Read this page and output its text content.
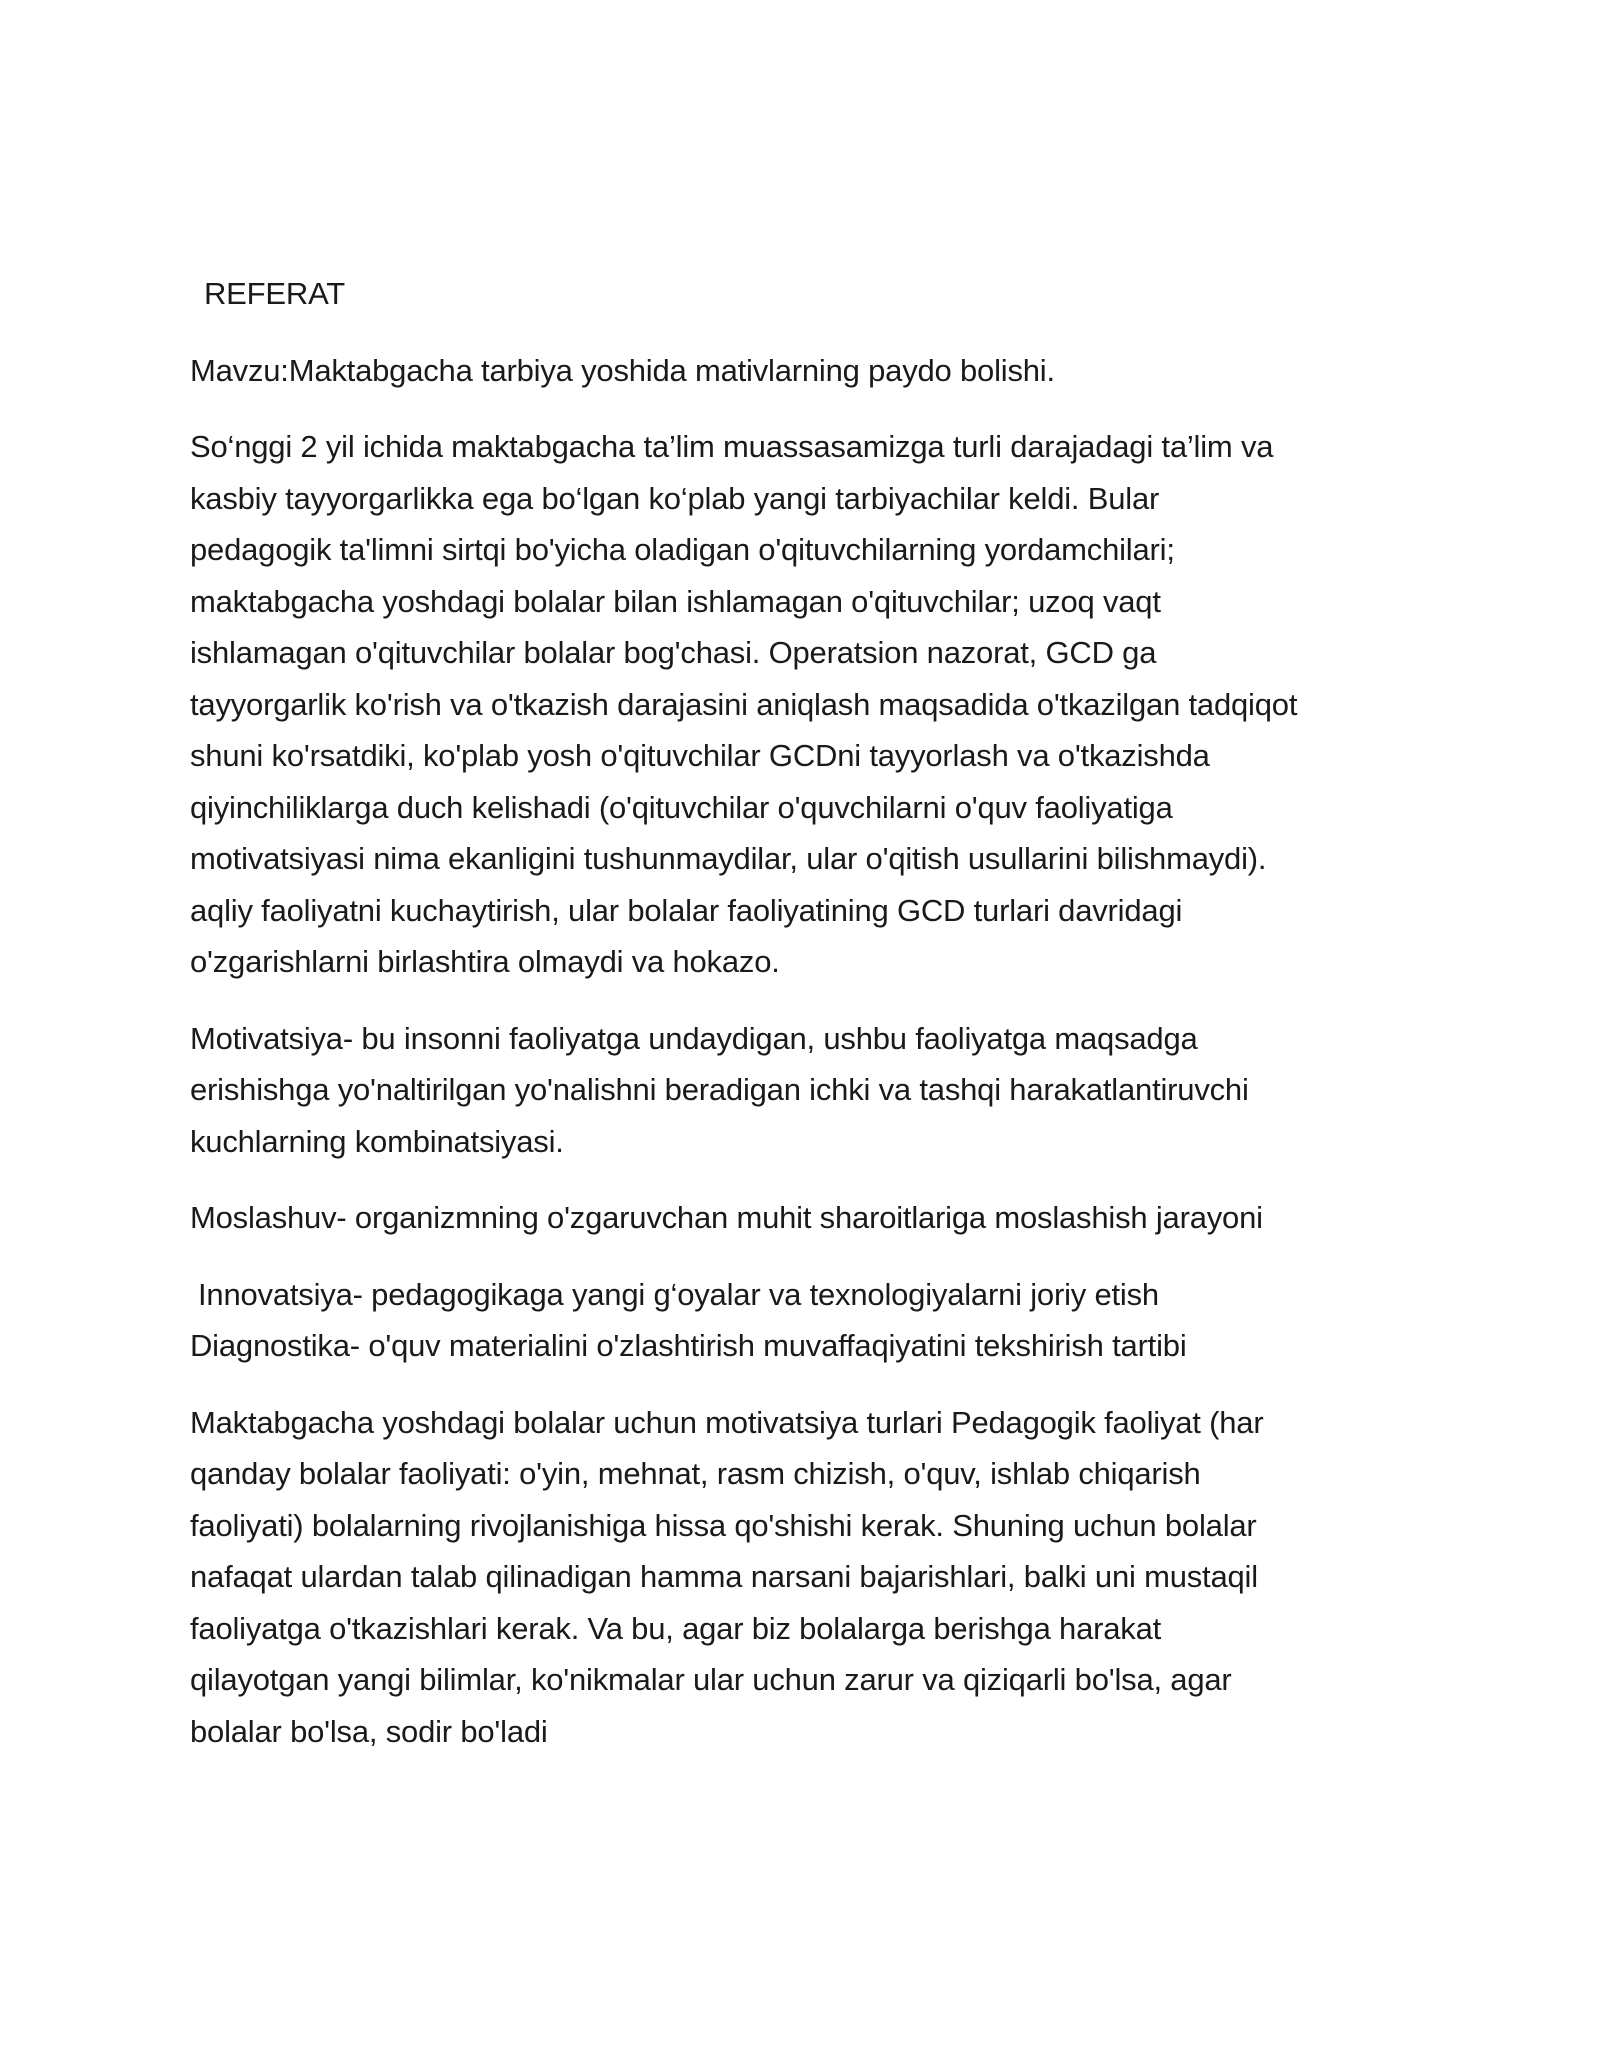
REFERAT

Mavzu:Maktabgacha tarbiya yoshida mativlarning paydo bolishi.

So‘nggi 2 yil ichida maktabgacha ta’lim muassasamizga turli darajadagi ta’lim va
kasbiy tayyorgarlikka ega bo‘lgan ko‘plab yangi tarbiyachilar keldi. Bular
pedagogik ta'limni sirtqi bo'yicha oladigan o'qituvchilarning yordamchilari;
maktabgacha yoshdagi bolalar bilan ishlamagan o'qituvchilar; uzoq vaqt
ishlamagan o'qituvchilar bolalar bog'chasi. Operatsion nazorat, GCD ga
tayyorgarlik ko'rish va o'tkazish darajasini aniqlash maqsadida o'tkazilgan tadqiqot
shuni ko'rsatdiki, ko'plab yosh o'qituvchilar GCDni tayyorlash va o'tkazishda
qiyinchiliklarga duch kelishadi (o'qituvchilar o'quvchilarni o'quv faoliyatiga
motivatsiyasi nima ekanligini tushunmaydilar, ular o'qitish usullarini bilishmaydi).
aqliy faoliyatni kuchaytirish, ular bolalar faoliyatining GCD turlari davridagi
o'zgarishlarni birlashtira olmaydi va hokazo.

Motivatsiya- bu insonni faoliyatga undaydigan, ushbu faoliyatga maqsadga
erishishga yo'naltirilgan yo'nalishni beradigan ichki va tashqi harakatlantiruvchi
kuchlarning kombinatsiyasi.

Moslashuv- organizmning o'zgaruvchan muhit sharoitlariga moslashish jarayoni

Innovatsiya- pedagogikaga yangi g‘oyalar va texnologiyalarni joriy etish
Diagnostika- o'quv materialini o'zlashtirish muvaffaqiyatini tekshirish tartibi

Maktabgacha yoshdagi bolalar uchun motivatsiya turlari Pedagogik faoliyat (har
qanday bolalar faoliyati: o'yin, mehnat, rasm chizish, o'quv, ishlab chiqarish
faoliyati) bolalarning rivojlanishiga hissa qo'shishi kerak. Shuning uchun bolalar
nafaqat ulardan talab qilinadigan hamma narsani bajarishlari, balki uni mustaqil
faoliyatga o'tkazishlari kerak. Va bu, agar biz bolalarga berishga harakat
qilayotgan yangi bilimlar, ko'nikmalar ular uchun zarur va qiziqarli bo'lsa, agar
bolalar bo'lsa, sodir bo'ladi
